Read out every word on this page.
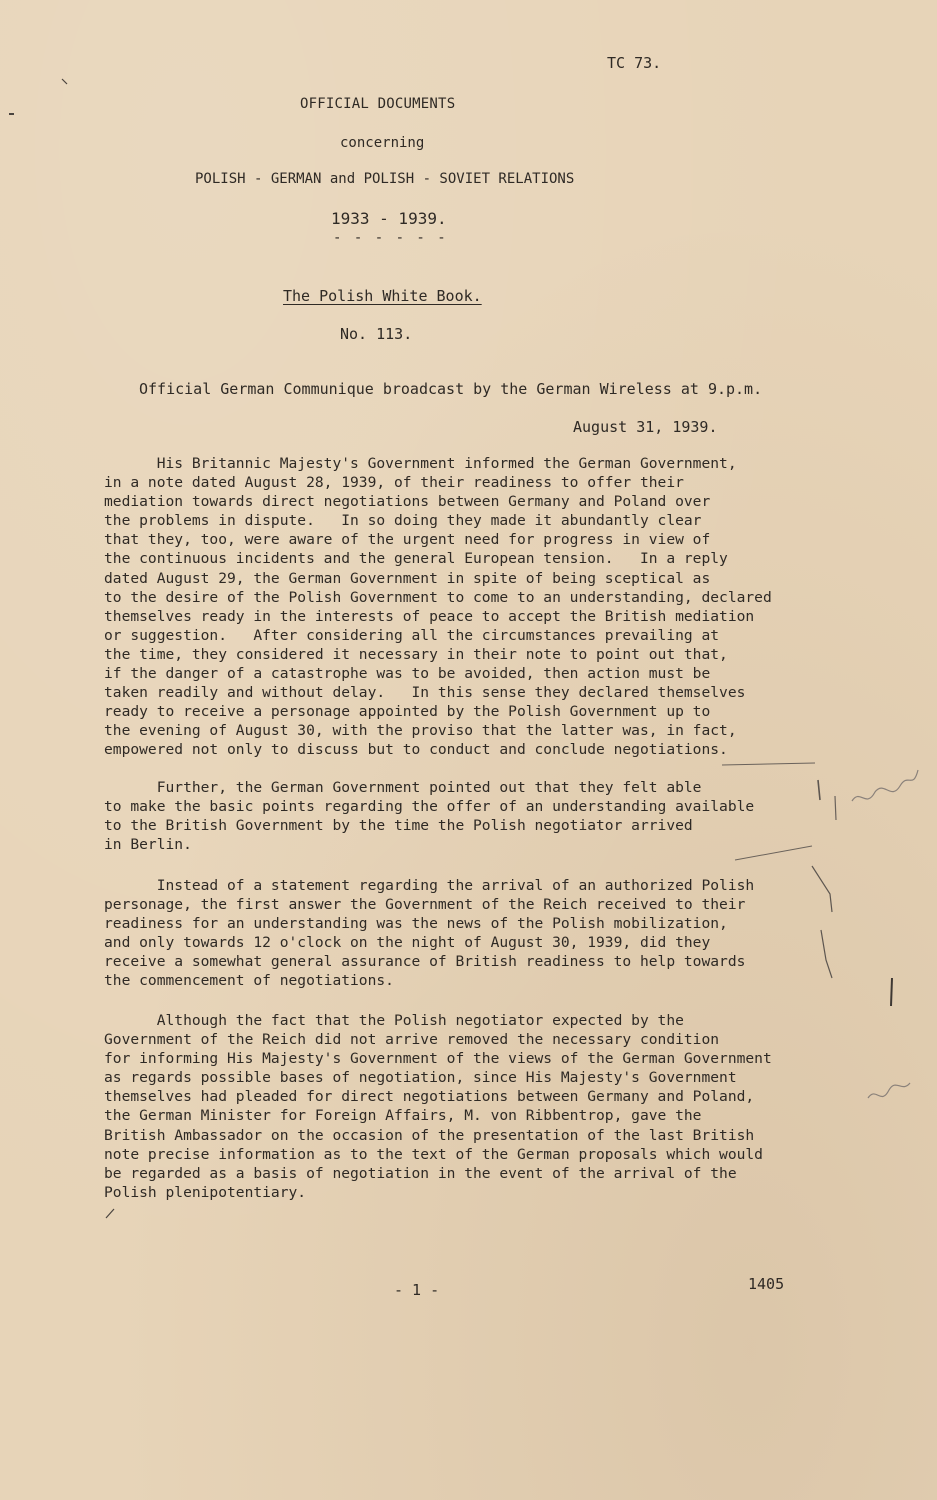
TC 73.
OFFICIAL DOCUMENTS
concerning
POLISH - GERMAN and POLISH - SOVIET RELATIONS
1933 - 1939.
- - - - - -
The Polish White Book.
No. 113.
Official German Communique broadcast by the German Wireless at 9.p.m.
August 31, 1939.
His Britannic Majesty's Government informed the German Government,
in a note dated August 28, 1939, of their readiness to offer their
mediation towards direct negotiations between Germany and Poland over
the problems in dispute.   In so doing they made it abundantly clear
that they, too, were aware of the urgent need for progress in view of
the continuous incidents and the general European tension.   In a reply
dated August 29, the German Government in spite of being sceptical as
to the desire of the Polish Government to come to an understanding, declared
themselves ready in the interests of peace to accept the British mediation
or suggestion.   After considering all the circumstances prevailing at
the time, they considered it necessary in their note to point out that,
if the danger of a catastrophe was to be avoided, then action must be
taken readily and without delay.   In this sense they declared themselves
ready to receive a personage appointed by the Polish Government up to
the evening of August 30, with the proviso that the latter was, in fact,
empowered not only to discuss but to conduct and conclude negotiations.
Further, the German Government pointed out that they felt able
to make the basic points regarding the offer of an understanding available
to the British Government by the time the Polish negotiator arrived
in Berlin.
Instead of a statement regarding the arrival of an authorized Polish
personage, the first answer the Government of the Reich received to their
readiness for an understanding was the news of the Polish mobilization,
and only towards 12 o'clock on the night of August 30, 1939, did they
receive a somewhat general assurance of British readiness to help towards
the commencement of negotiations.
Although the fact that the Polish negotiator expected by the
Government of the Reich did not arrive removed the necessary condition
for informing His Majesty's Government of the views of the German Government
as regards possible bases of negotiation, since His Majesty's Government
themselves had pleaded for direct negotiations between Germany and Poland,
the German Minister for Foreign Affairs, M. von Ribbentrop, gave the
British Ambassador on the occasion of the presentation of the last British
note precise information as to the text of the German proposals which would
be regarded as a basis of negotiation in the event of the arrival of the
Polish plenipotentiary.
- 1 -	1405
